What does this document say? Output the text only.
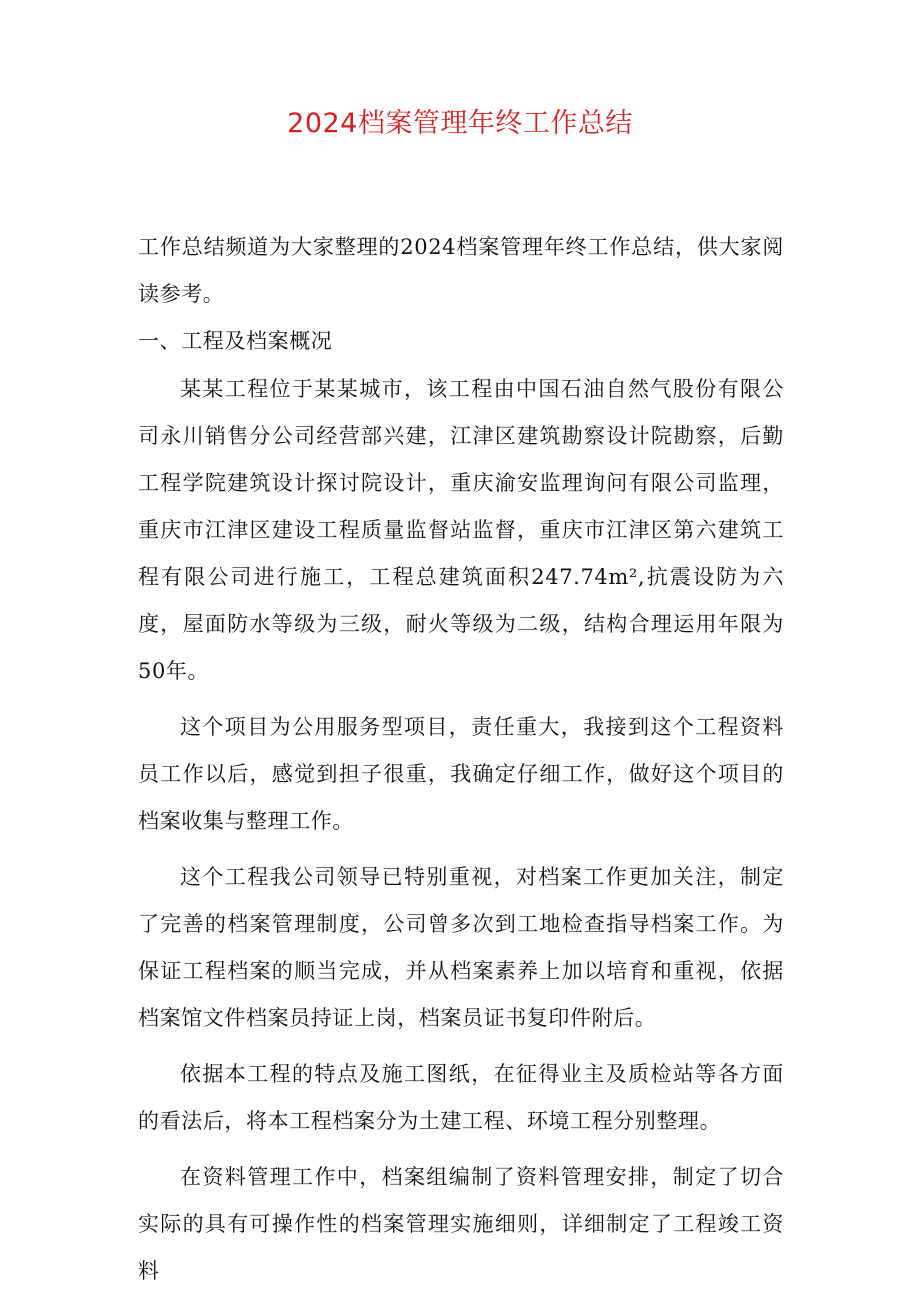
2024档案管理年终工作总结

工作总结频道为大家整理的2024档案管理年终工作总结，供大家阅读参考。

一、工程及档案概况

某某工程位于某某城市，该工程由中国石油自然气股份有限公司永川销售分公司经营部兴建，江津区建筑勘察设计院勘察，后勤工程学院建筑设计探讨院设计，重庆渝安监理询问有限公司监理，重庆市江津区建设工程质量监督站监督，重庆市江津区第六建筑工程有限公司进行施工，工程总建筑面积247.74m²,抗震设防为六度，屋面防水等级为三级，耐火等级为二级，结构合理运用年限为50年。

这个项目为公用服务型项目，责任重大，我接到这个工程资料员工作以后，感觉到担子很重，我确定仔细工作，做好这个项目的档案收集与整理工作。

这个工程我公司领导已特别重视，对档案工作更加关注，制定了完善的档案管理制度，公司曾多次到工地检查指导档案工作。为保证工程档案的顺当完成，并从档案素养上加以培育和重视，依据档案馆文件档案员持证上岗，档案员证书复印件附后。

依据本工程的特点及施工图纸，在征得业主及质检站等各方面的看法后，将本工程档案分为土建工程、环境工程分别整理。

在资料管理工作中，档案组编制了资料管理安排，制定了切合实际的具有可操作性的档案管理实施细则，详细制定了工程竣工资料
